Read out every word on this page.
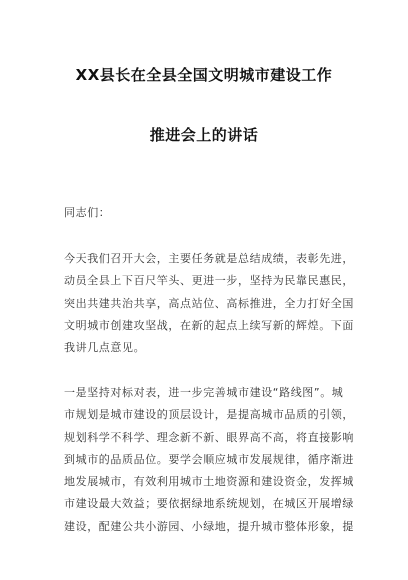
XX县长在全县全国文明城市建设工作
推进会上的讲话
同志们：
今天我们召开大会，主要任务就是总结成绩，表彰先进，
动员全县上下百尺竿头、更进一步，坚持为民靠民惠民，
突出共建共治共享，高点站位、高标推进，全力打好全国
文明城市创建攻坚战，在新的起点上续写新的辉煌。下面
我讲几点意见。
一是坚持对标对表，进一步完善城市建设“路线图”。城
市规划是城市建设的顶层设计，是提高城市品质的引领，
规划科学不科学、理念新不新、眼界高不高，将直接影响
到城市的品质品位。要学会顺应城市发展规律，循序渐进
地发展城市，有效利用城市土地资源和建设资金，发挥城
市建设最大效益；要依据绿地系统规划，在城区开展增绿
建设，配建公共小游园、小绿地，提升城市整体形象，提
